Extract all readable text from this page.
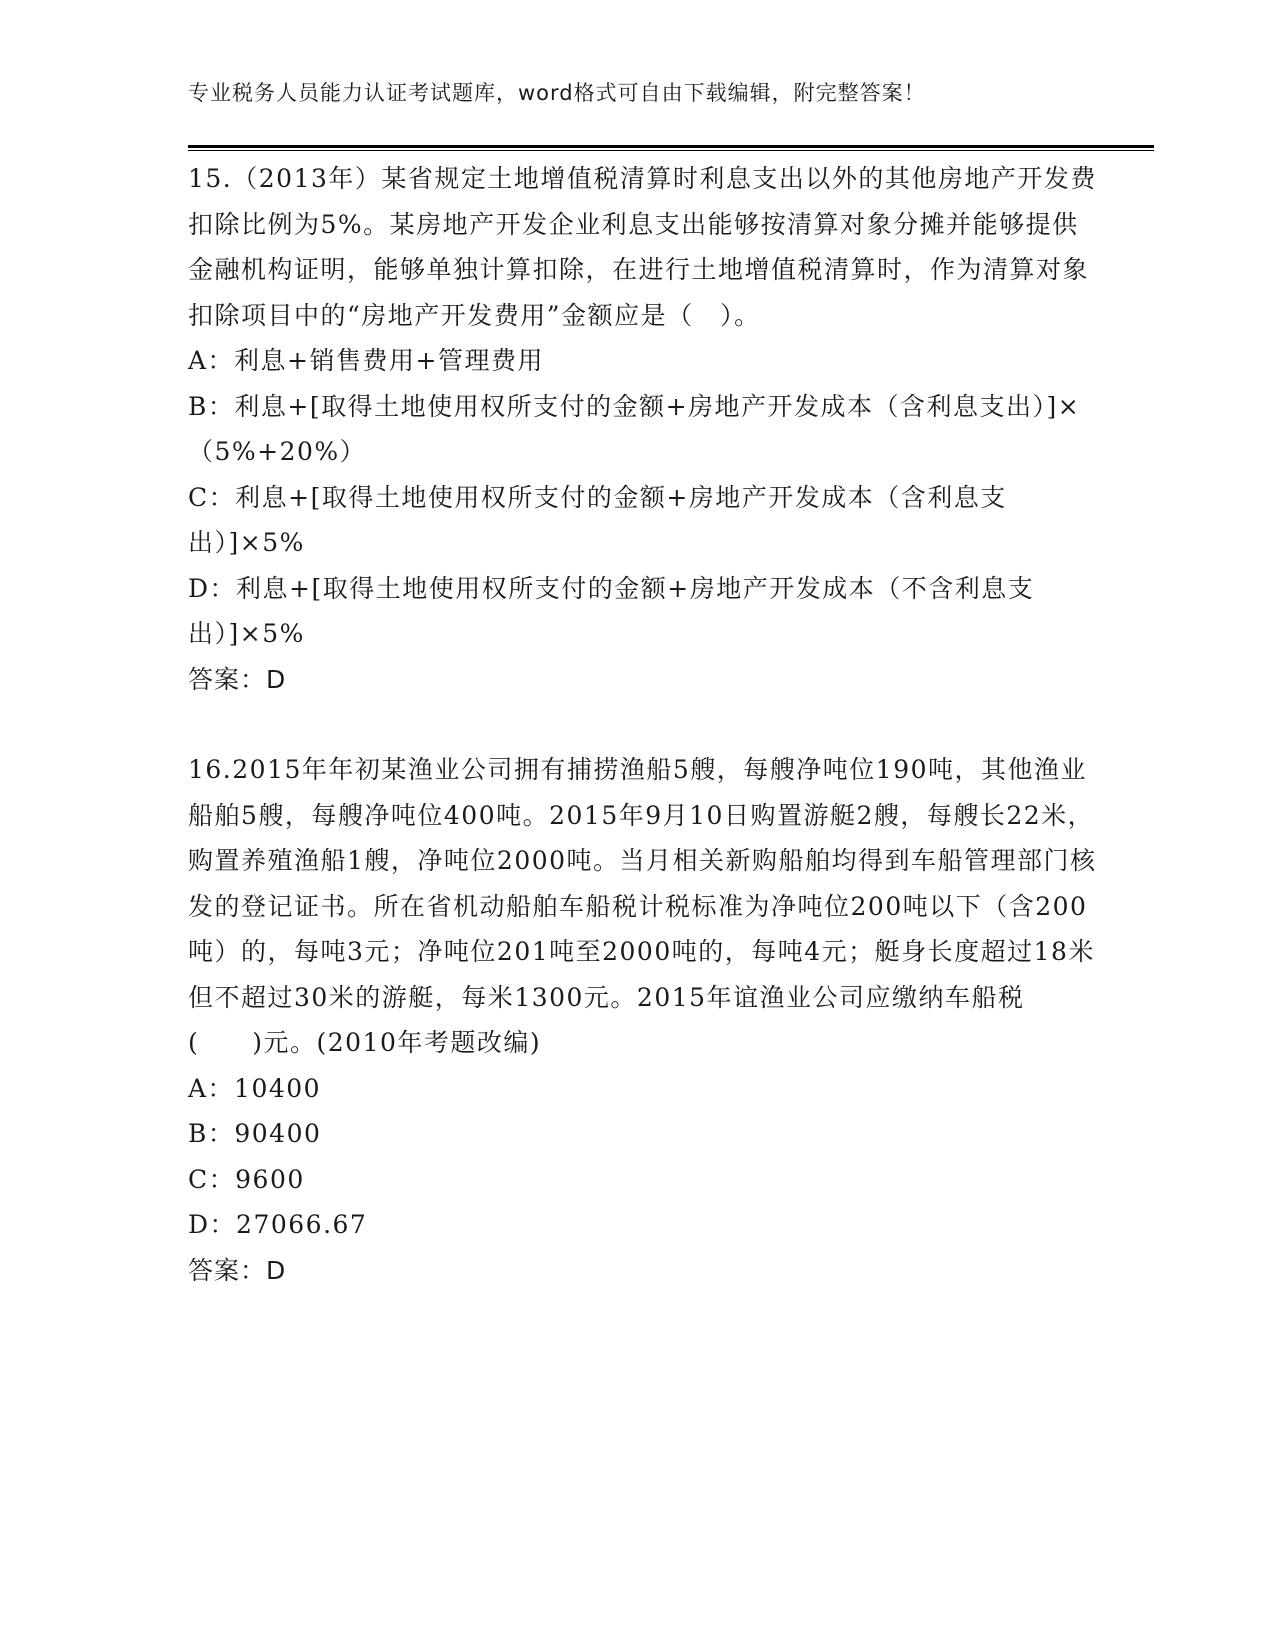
专业税务人员能力认证考试题库，word格式可自由下载编辑，附完整答案！

15.（2013年）某省规定土地增值税清算时利息支出以外的其他房地产开发费扣除比例为5%。某房地产开发企业利息支出能够按清算对象分摊并能够提供金融机构证明，能够单独计算扣除，在进行土地增值税清算时，作为清算对象扣除项目中的“房地产开发费用”金额应是（　）。

A：利息+销售费用+管理费用

B：利息+[取得土地使用权所支付的金额+房地产开发成本（含利息支出）]×（5%+20%）

C：利息+[取得土地使用权所支付的金额+房地产开发成本（含利息支出）]×5%

D：利息+[取得土地使用权所支付的金额+房地产开发成本（不含利息支出）]×5%

答案：D

16.2015年年初某渔业公司拥有捕捞渔船5艘，每艘净吨位190吨，其他渔业船舶5艘，每艘净吨位400吨。2015年9月10日购置游艇2艘，每艘长22米，购置养殖渔船1艘，净吨位2000吨。当月相关新购船舶均得到车船管理部门核发的登记证书。所在省机动船舶车船税计税标准为净吨位200吨以下（含200吨）的，每吨3元；净吨位201吨至2000吨的，每吨4元；艇身长度超过18米但不超过30米的游艇，每米1300元。2015年谊渔业公司应缴纳车船税(　　)元。(2010年考题改编)

A：10400

B：90400

C：9600

D：27066.67

答案：D
